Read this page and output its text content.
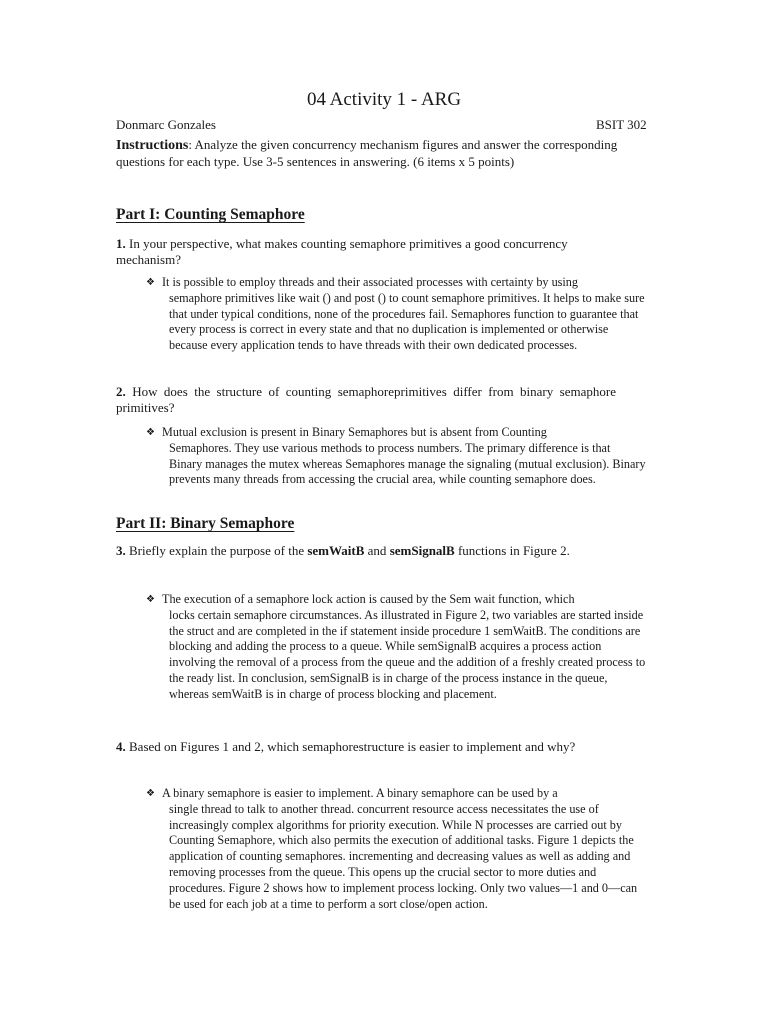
04 Activity 1 - ARG
Donmarc Gonzales	BSIT 302
Instructions: Analyze the given concurrency mechanism figures and answer the corresponding questions for each type. Use 3-5 sentences in answering. (6 items x 5 points)
Part I: Counting Semaphore
1. In your perspective, what makes counting semaphore primitives a good concurrency mechanism?
❖ It is possible to employ threads and their associated processes with certainty by using
semaphore primitives like wait () and post () to count semaphore primitives. It helps to make sure that under typical conditions, none of the procedures fail. Semaphores function to guarantee that every process is correct in every state and that no duplication is implemented or otherwise because every application tends to have threads with their own dedicated processes.
2. How does the structure of counting semaphoreprimitives differ from binary semaphore primitives?
❖ Mutual exclusion is present in Binary Semaphores but is absent from Counting
Semaphores. They use various methods to process numbers. The primary difference is that Binary manages the mutex whereas Semaphores manage the signaling (mutual exclusion). Binary prevents many threads from accessing the crucial area, while counting semaphore does.
Part II: Binary Semaphore
3. Briefly explain the purpose of the semWaitB and semSignalB functions in Figure 2.
❖ The execution of a semaphore lock action is caused by the Sem wait function, which
locks certain semaphore circumstances. As illustrated in Figure 2, two variables are started inside the struct and are completed in the if statement inside procedure 1 semWaitB. The conditions are blocking and adding the process to a queue. While semSignalB acquires a process action involving the removal of a process from the queue and the addition of a freshly created process to the ready list. In conclusion, semSignalB is in charge of the process instance in the queue, whereas semWaitB is in charge of process blocking and placement.
4. Based on Figures 1 and 2, which semaphorestructure is easier to implement and why?
❖ A binary semaphore is easier to implement. A binary semaphore can be used by a
single thread to talk to another thread. concurrent resource access necessitates the use of increasingly complex algorithms for priority execution. While N processes are carried out by Counting Semaphore, which also permits the execution of additional tasks. Figure 1 depicts the application of counting semaphores. incrementing and decreasing values as well as adding and removing processes from the queue. This opens up the crucial sector to more duties and procedures. Figure 2 shows how to implement process locking. Only two values—1 and 0—can be used for each job at a time to perform a sort close/open action.
